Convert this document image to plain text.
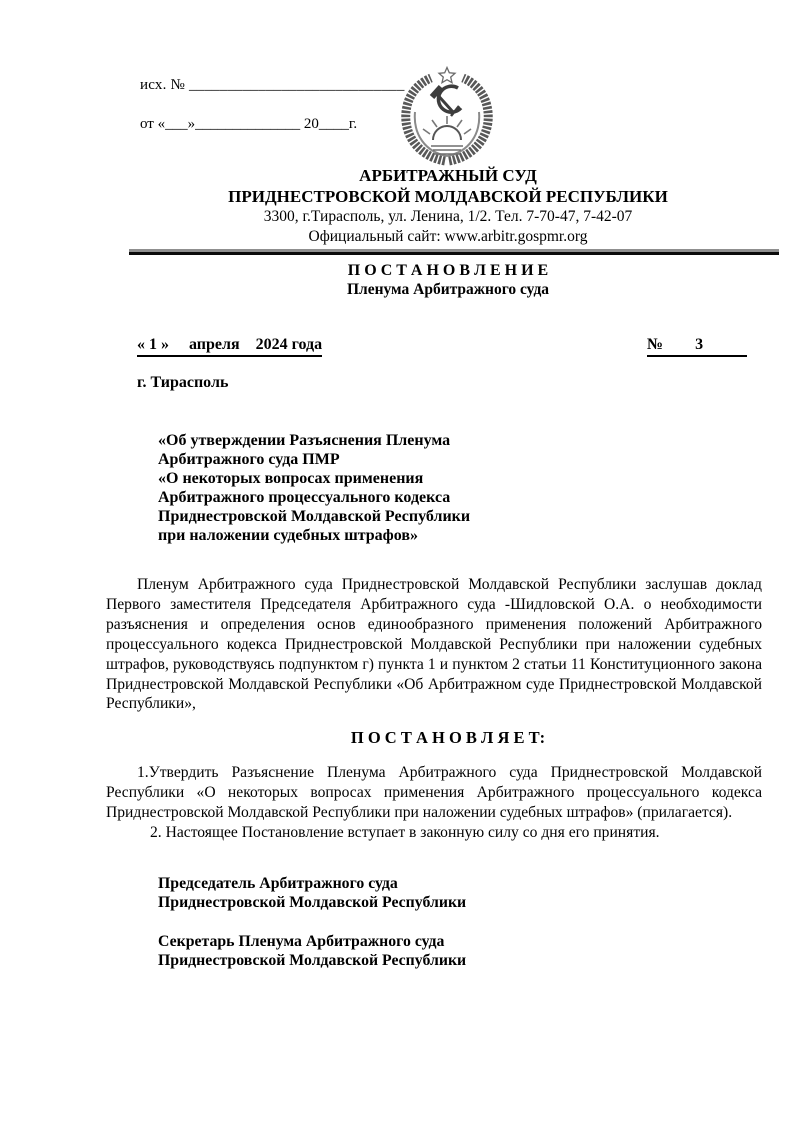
исх. № ____________________________
от «___»______________ 20____г.
АРБИТРАЖНЫЙ СУД
ПРИДНЕСТРОВСКОЙ МОЛДАВСКОЙ РЕСПУБЛИКИ
3300, г.Тирасполь, ул. Ленина, 1/2. Тел. 7-70-47, 7-42-07
Официальный сайт: www.arbitr.gospmr.org
П О С Т А Н О В Л Е Н И Е
Пленума Арбитражного суда
« 1 »     апреля    2024 года	№        3
г. Тирасполь
«Об утверждении Разъяснения Пленума
Арбитражного суда ПМР
«О некоторых вопросах применения
Арбитражного процессуального кодекса
Приднестровской Молдавской Республики
при наложении судебных штрафов»
Пленум Арбитражного суда Приднестровской Молдавской Республики заслушав доклад Первого заместителя Председателя Арбитражного суда -Шидловской О.А. о необходимости разъяснения и определения основ единообразного применения положений Арбитражного процессуального кодекса Приднестровской Молдавской Республики при наложении судебных штрафов, руководствуясь подпунктом г) пункта 1 и пунктом 2 статьи 11 Конституционного закона Приднестровской Молдавской Республики «Об Арбитражном суде Приднестровской Молдавской Республики»,
П О С Т А Н О В Л Я Е Т:

1.Утвердить Разъяснение Пленума Арбитражного суда Приднестровской Молдавской Республики «О некоторых вопросах применения Арбитражного процессуального кодекса Приднестровской Молдавской Республики при наложении судебных штрафов» (прилагается).

2. Настоящее Постановление вступает в законную силу со дня его принятия.

Председатель Арбитражного суда
Приднестровской Молдавской Республики
Секретарь Пленума Арбитражного суда
Приднестровской Молдавской Республики
